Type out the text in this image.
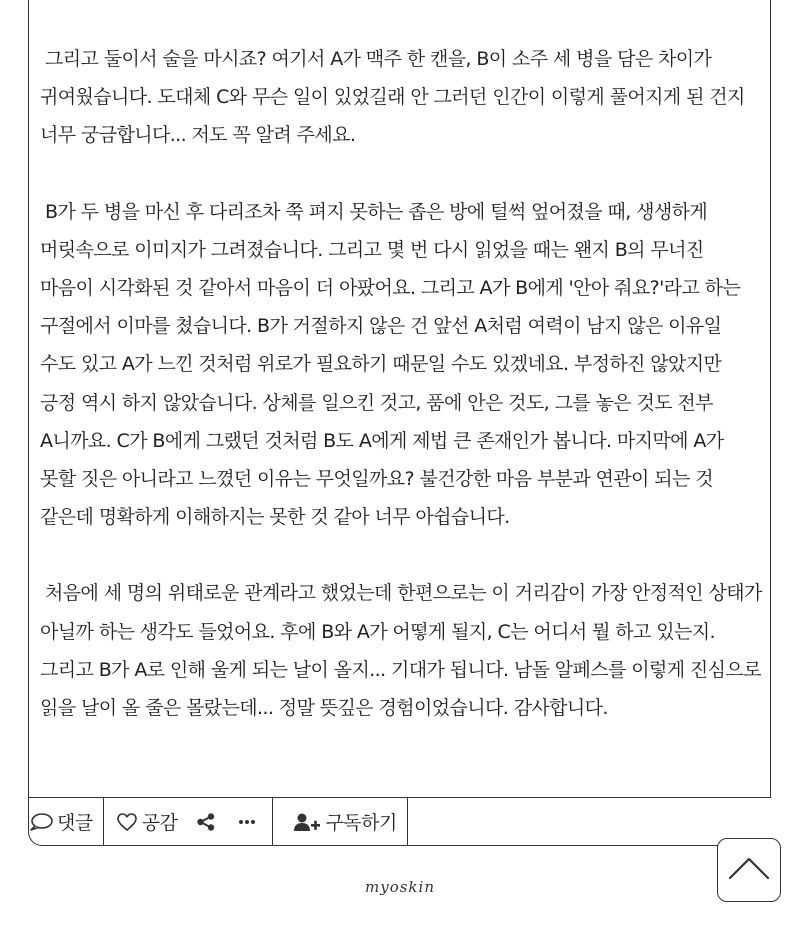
그리고 둘이서 술을 마시죠? 여기서 A가 맥주 한 캔을, B이 소주 세 병을 담은 차이가 귀여웠습니다. 도대체 C와 무슨 일이 있었길래 안 그러던 인간이 이렇게 풀어지게 된 건지 너무 궁금합니다... 저도 꼭 알려 주세요.

B가 두 병을 마신 후 다리조차 쭉 펴지 못하는 좁은 방에 털썩 엎어졌을 때, 생생하게 머릿속으로 이미지가 그려졌습니다. 그리고 몇 번 다시 읽었을 때는 왠지 B의 무너진 마음이 시각화된 것 같아서 마음이 더 아팠어요. 그리고 A가 B에게 '안아 줘요?'라고 하는 구절에서 이마를 쳤습니다. B가 거절하지 않은 건 앞선 A처럼 여력이 남지 않은 이유일 수도 있고 A가 느낀 것처럼 위로가 필요하기 때문일 수도 있겠네요. 부정하진 않았지만 긍정 역시 하지 않았습니다. 상체를 일으킨 것고, 품에 안은 것도, 그를 놓은 것도 전부 A니까요. C가 B에게 그랬던 것처럼 B도 A에게 제법 큰 존재인가 봅니다. 마지막에 A가 못할 짓은 아니라고 느꼈던 이유는 무엇일까요? 불건강한 마음 부분과 연관이 되는 것 같은데 명확하게 이해하지는 못한 것 같아 너무 아쉽습니다.

처음에 세 명의 위태로운 관계라고 했었는데 한편으로는 이 거리감이 가장 안정적인 상태가 아닐까 하는 생각도 들었어요. 후에 B와 A가 어떻게 될지, C는 어디서 뭘 하고 있는지. 그리고 B가 A로 인해 울게 되는 날이 올지... 기대가 됩니다. 남돌 알페스를 이렇게 진심으로 읽을 날이 올 줄은 몰랐는데... 정말 뜻깊은 경험이었습니다. 감사합니다.

댓글	공감	구독하기
myoskin
